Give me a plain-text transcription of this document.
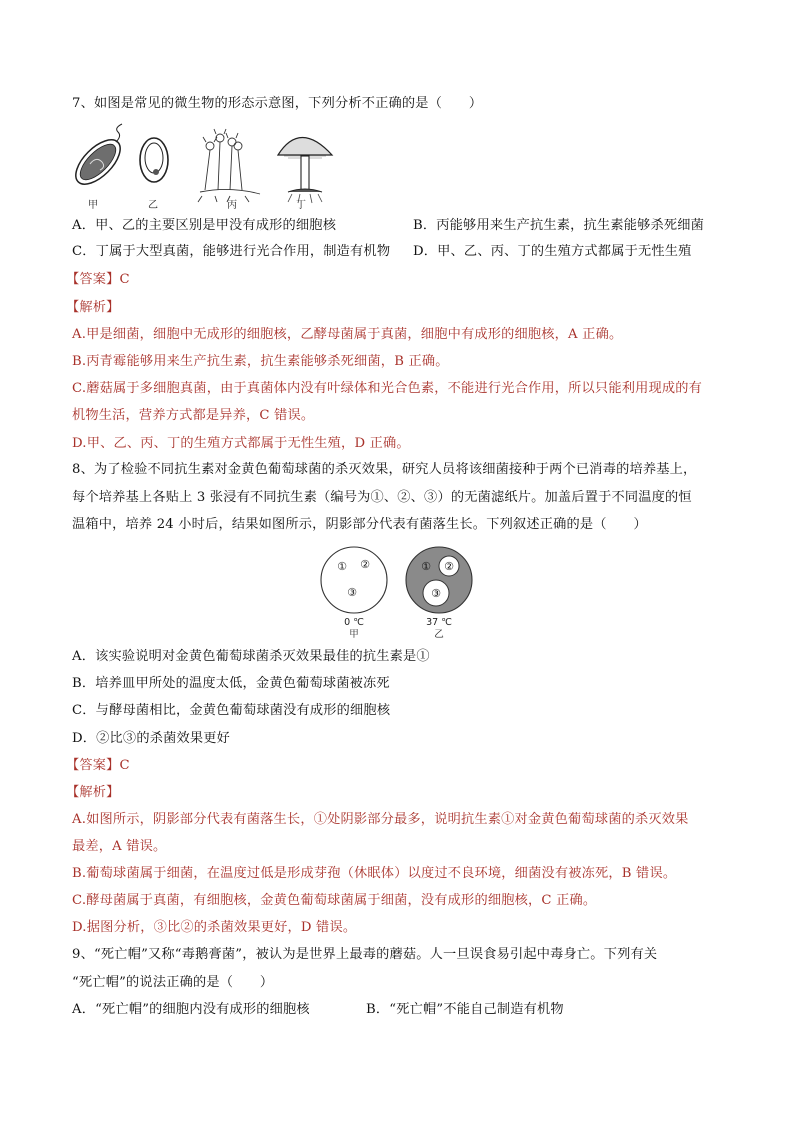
7、如图是常见的微生物的形态示意图，下列分析不正确的是（　　）
甲	乙	丙	丁
A．甲、乙的主要区别是甲没有成形的细胞核	B．丙能够用来生产抗生素，抗生素能够杀死细菌
C．丁属于大型真菌，能够进行光合作用，制造有机物 D．甲、乙、丙、丁的生殖方式都属于无性生殖
【答案】C
【解析】
A.甲是细菌，细胞中无成形的细胞核，乙酵母菌属于真菌，细胞中有成形的细胞核，A 正确。
B.丙青霉能够用来生产抗生素，抗生素能够杀死细菌，B 正确。
C.蘑菇属于多细胞真菌，由于真菌体内没有叶绿体和光合色素，不能进行光合作用，所以只能利用现成的有
机物生活，营养方式都是异养，C 错误。
D.甲、乙、丙、丁的生殖方式都属于无性生殖，D 正确。
8、为了检验不同抗生素对金黄色葡萄球菌的杀灭效果，研究人员将该细菌接种于两个已消毒的培养基上，
每个培养基上各贴上 3 张浸有不同抗生素（编号为①、②、③）的无菌滤纸片。加盖后置于不同温度的恒
温箱中，培养 24 小时后，结果如图所示，阴影部分代表有菌落生长。下列叙述正确的是（　　）
① ②
③
0 ℃
甲
① ②
③
37 ℃
乙
A．该实验说明对金黄色葡萄球菌杀灭效果最佳的抗生素是①
B．培养皿甲所处的温度太低，金黄色葡萄球菌被冻死
C．与酵母菌相比，金黄色葡萄球菌没有成形的细胞核
D．②比③的杀菌效果更好
【答案】C
【解析】
A.如图所示，阴影部分代表有菌落生长，①处阴影部分最多，说明抗生素①对金黄色葡萄球菌的杀灭效果
最差，A 错误。
B.葡萄球菌属于细菌，在温度过低是形成芽孢（休眠体）以度过不良环境，细菌没有被冻死，B 错误。
C.酵母菌属于真菌，有细胞核，金黄色葡萄球菌属于细菌，没有成形的细胞核，C 正确。
D.据图分析，③比②的杀菌效果更好，D 错误。
9、“死亡帽”又称“毒鹅膏菌”，被认为是世界上最毒的蘑菇。人一旦误食易引起中毒身亡。下列有关
“死亡帽”的说法正确的是（　　）
A．“死亡帽”的细胞内没有成形的细胞核	B．“死亡帽”不能自己制造有机物
